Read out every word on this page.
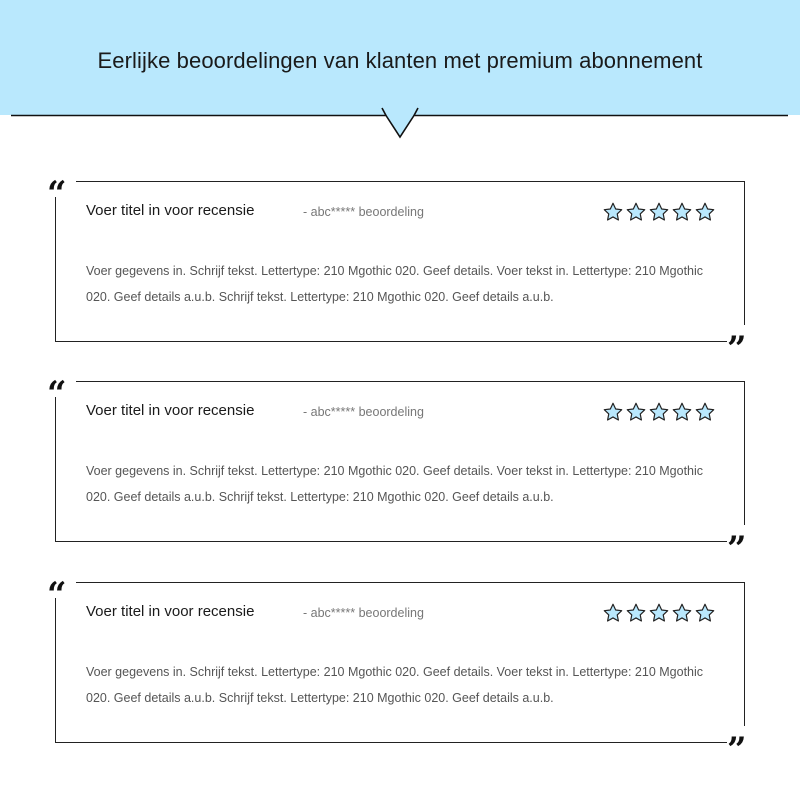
Eerlijke beoordelingen van klanten met premium abonnement
“
”
Voer titel in voor recensie	- abc***** beoordeling
Voer gegevens in. Schrijf tekst. Lettertype: 210 Mgothic 020. Geef details. Voer tekst in. Lettertype: 210 Mgothic 020. Geef details a.u.b. Schrijf tekst. Lettertype: 210 Mgothic 020. Geef details a.u.b.
“
”
Voer titel in voor recensie	- abc***** beoordeling
Voer gegevens in. Schrijf tekst. Lettertype: 210 Mgothic 020. Geef details. Voer tekst in. Lettertype: 210 Mgothic 020. Geef details a.u.b. Schrijf tekst. Lettertype: 210 Mgothic 020. Geef details a.u.b.
“
”
Voer titel in voor recensie	- abc***** beoordeling
Voer gegevens in. Schrijf tekst. Lettertype: 210 Mgothic 020. Geef details. Voer tekst in. Lettertype: 210 Mgothic 020. Geef details a.u.b. Schrijf tekst. Lettertype: 210 Mgothic 020. Geef details a.u.b.
